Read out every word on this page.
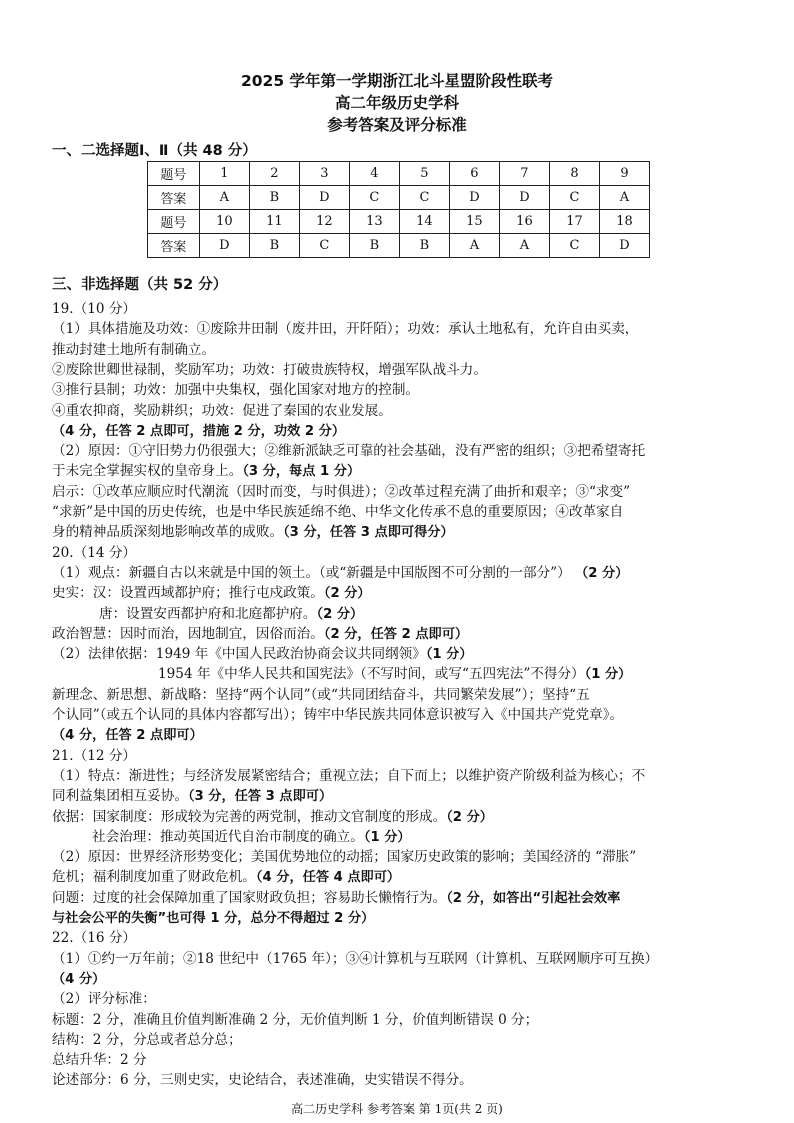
2025 学年第一学期浙江北斗星盟阶段性联考
高二年级历史学科
参考答案及评分标准
一、二选择题Ⅰ、Ⅱ（共 48 分）
题号	1	2	3	4	5	6	7	8	9
答案	A	B	D	C	C	D	D	C	A
题号	10	11	12	13	14	15	16	17	18
答案	D	B	C	B	B	A	A	C	D
三、非选择题（共 52 分）
19.（10 分）
（1）具体措施及功效：①废除井田制（废井田，开阡陌）；功效：承认土地私有，允许自由买卖，
推动封建土地所有制确立。
②废除世卿世禄制，奖励军功；功效：打破贵族特权，增强军队战斗力。
③推行县制；功效：加强中央集权，强化国家对地方的控制。
④重农抑商，奖励耕织；功效：促进了秦国的农业发展。
（4 分，任答 2 点即可，措施 2 分，功效 2 分）
（2）原因：①守旧势力仍很强大；②维新派缺乏可靠的社会基础，没有严密的组织；③把希望寄托
于未完全掌握实权的皇帝身上。（3 分，每点 1 分）
启示：①改革应顺应时代潮流（因时而变，与时俱进）；②改革过程充满了曲折和艰辛；③“求变”
“求新”是中国的历史传统，也是中华民族延绵不绝、中华文化传承不息的重要原因；④改革家自
身的精神品质深刻地影响改革的成败。（3 分，任答 3 点即可得分）
20.（14 分）
（1）观点：新疆自古以来就是中国的领土。（或“新疆是中国版图不可分割的一部分”） （2 分）
史实：汉：设置西域都护府；推行屯戍政策。（2 分）
唐：设置安西都护府和北庭都护府。（2 分）
政治智慧：因时而治，因地制宜，因俗而治。（2 分，任答 2 点即可）
（2）法律依据：1949 年《中国人民政治协商会议共同纲领》（1 分）
1954 年《中华人民共和国宪法》（不写时间，或写“五四宪法”不得分）（1 分）
新理念、新思想、新战略：坚持“两个认同”（或“共同团结奋斗，共同繁荣发展”）；坚持“五
个认同”（或五个认同的具体内容都写出）；铸牢中华民族共同体意识被写入《中国共产党党章》。
（4 分，任答 2 点即可）
21.（12 分）
（1）特点：渐进性；与经济发展紧密结合；重视立法；自下而上；以维护资产阶级利益为核心；不
同利益集团相互妥协。（3 分，任答 3 点即可）
依据：国家制度：形成较为完善的两党制，推动文官制度的形成。（2 分）
社会治理：推动英国近代自治市制度的确立。（1 分）
（2）原因：世界经济形势变化；美国优势地位的动摇；国家历史政策的影响；美国经济的 “滞胀”
危机；福利制度加重了财政危机。（4 分，任答 4 点即可）
问题：过度的社会保障加重了国家财政负担；容易助长懒惰行为。（2 分，如答出“引起社会效率
与社会公平的失衡”也可得 1 分，总分不得超过 2 分）
22.（16 分）
（1）①约一万年前；②18 世纪中（1765 年）；③④计算机与互联网（计算机、互联网顺序可互换）
（4 分）
（2）评分标准：
标题：2 分，准确且价值判断准确 2 分，无价值判断 1 分，价值判断错误 0 分；
结构：2 分，分总或者总分总；
总结升华：2 分
论述部分：6 分，三则史实，史论结合，表述准确，史实错误不得分。
高二历史学科 参考答案 第 1页(共 2 页)
